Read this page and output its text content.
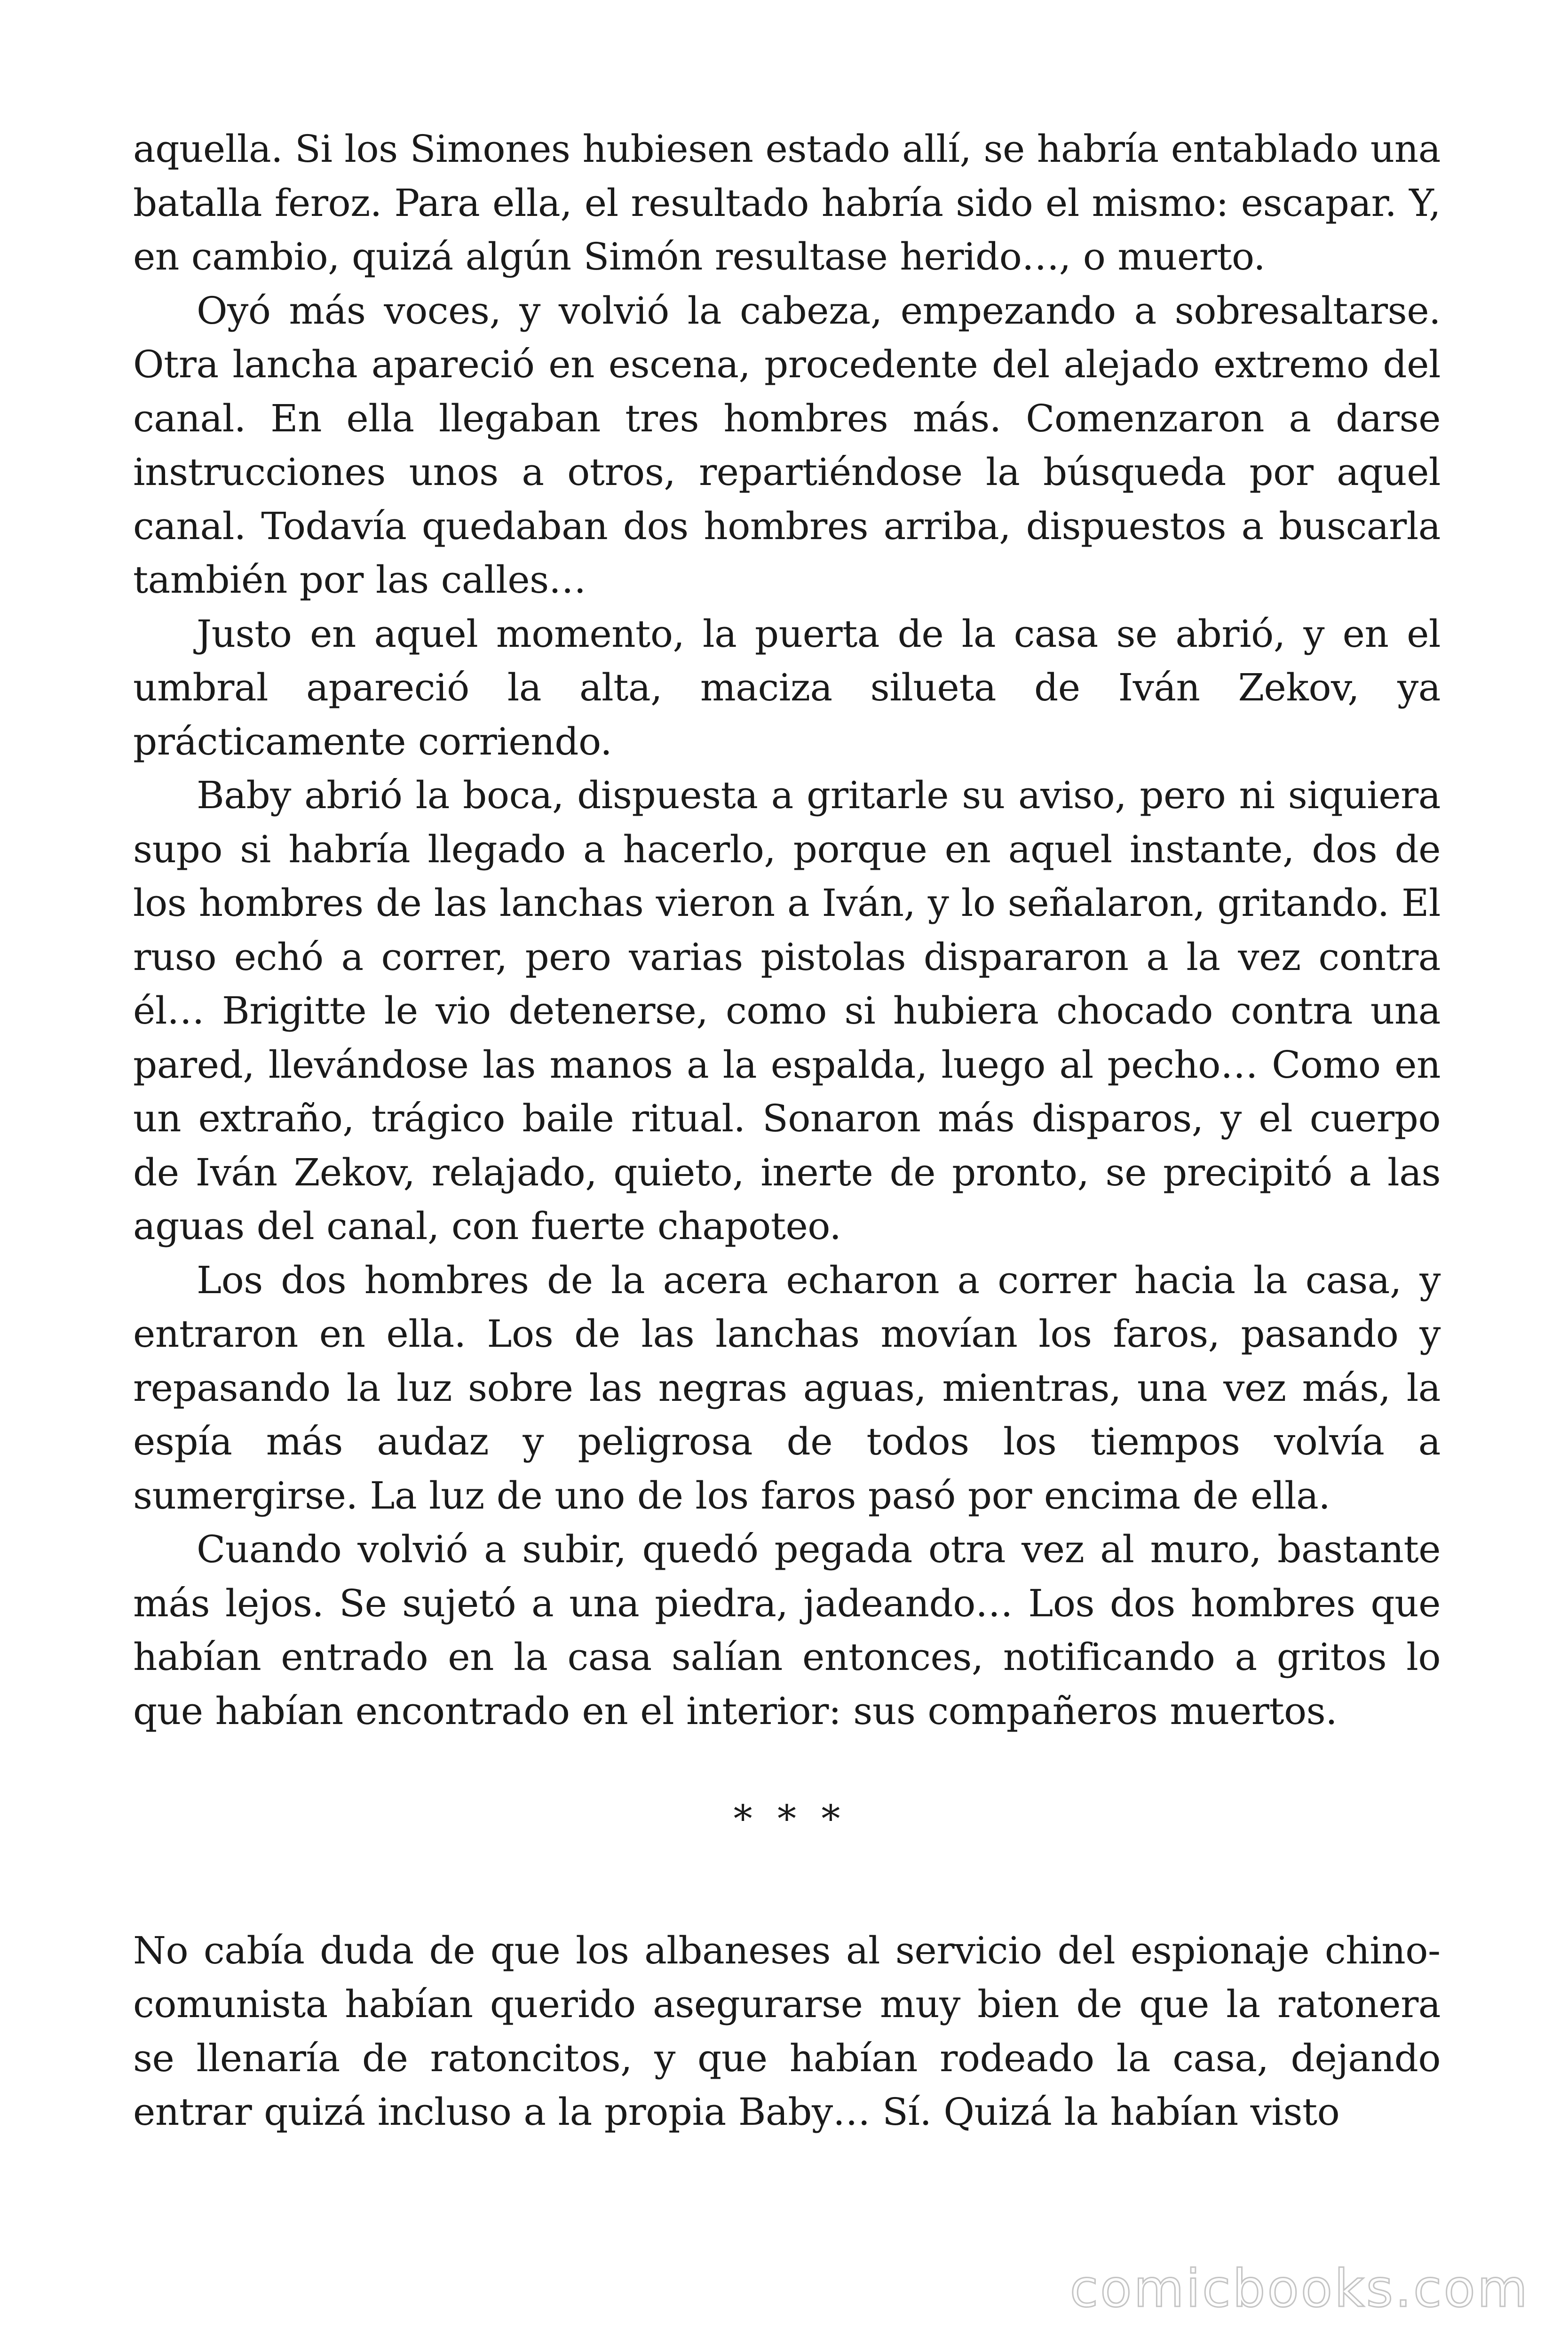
aquella. Si los Simones hubiesen estado allí, se habría entablado una batalla feroz. Para ella, el resultado habría sido el mismo: escapar. Y, en cambio, quizá algún Simón resultase herido…, o muerto.

Oyó más voces, y volvió la cabeza, empezando a sobresaltarse. Otra lancha apareció en escena, procedente del alejado extremo del canal. En ella llegaban tres hombres más. Comenzaron a darse instrucciones unos a otros, repartiéndose la búsqueda por aquel canal. Todavía quedaban dos hombres arriba, dispuestos a buscarla también por las calles…

Justo en aquel momento, la puerta de la casa se abrió, y en el umbral apareció la alta, maciza silueta de Iván Zekov, ya prácticamente corriendo.

Baby abrió la boca, dispuesta a gritarle su aviso, pero ni siquiera supo si habría llegado a hacerlo, porque en aquel instante, dos de los hombres de las lanchas vieron a Iván, y lo señalaron, gritando. El ruso echó a correr, pero varias pistolas dispararon a la vez contra él… Brigitte le vio detenerse, como si hubiera chocado contra una pared, llevándose las manos a la espalda, luego al pecho… Como en un extraño, trágico baile ritual. Sonaron más disparos, y el cuerpo de Iván Zekov, relajado, quieto, inerte de pronto, se precipitó a las aguas del canal, con fuerte chapoteo.

Los dos hombres de la acera echaron a correr hacia la casa, y entraron en ella. Los de las lanchas movían los faros, pasando y repasando la luz sobre las negras aguas, mientras, una vez más, la espía más audaz y peligrosa de todos los tiempos volvía a sumergirse. La luz de uno de los faros pasó por encima de ella.

Cuando volvió a subir, quedó pegada otra vez al muro, bastante más lejos. Se sujetó a una piedra, jadeando… Los dos hombres que habían entrado en la casa salían entonces, notificando a gritos lo que habían encontrado en el interior: sus compañeros muertos.

* * *

No cabía duda de que los albaneses al servicio del espionaje chinocomunista habían querido asegurarse muy bien de que la ratonera se llenaría de ratoncitos, y que habían rodeado la casa, dejando entrar quizá incluso a la propia Baby… Sí. Quizá la habían visto

comicbooks.com
